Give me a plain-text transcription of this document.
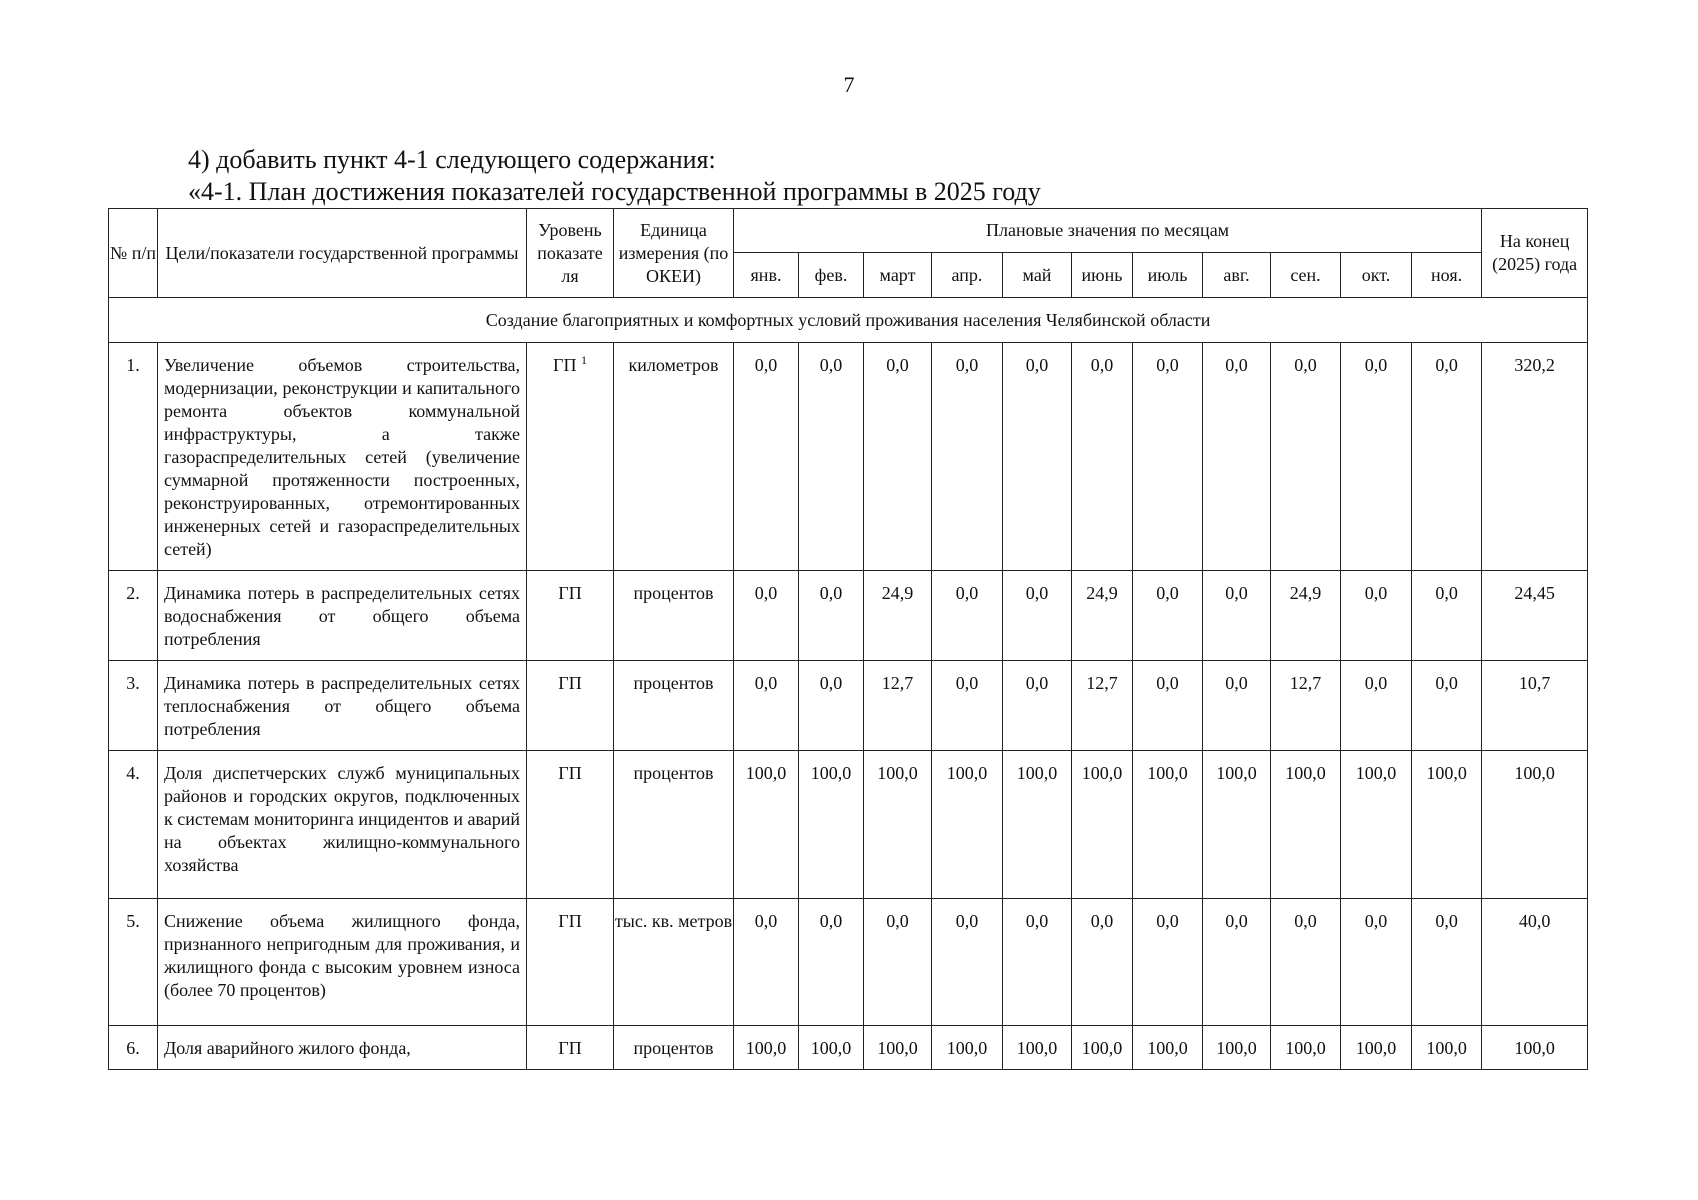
7
4) добавить пункт 4-1 следующего содержания:
«4-1. План достижения показателей государственной программы в 2025 году
№ п/п	Цели/показатели государственной программы	Уровень показате ля	Единица измерения (по ОКЕИ)	Плановые значения по месяцам											На конец (2025) года
				янв.	фев.	март	апр.	май	июнь	июль	авг.	сен.	окт.	ноя.	
Создание благоприятных и комфортных условий проживания населения Челябинской области															
1.	Увеличение объемов строительства, модернизации, реконструкции и капитального ремонта объектов коммунальной инфраструктуры, а также газораспределительных сетей (увеличение суммарной протяженности построенных, реконструированных, отремонтированных инженерных сетей и газораспределительных сетей)	ГП $^1$	километров	0,0	0,0	0,0	0,0	0,0	0,0	0,0	0,0	0,0	0,0	0,0	320,2
2.	Динамика потерь в распределительных сетях водоснабжения от общего объема потребления	ГП	процентов	0,0	0,0	24,9	0,0	0,0	24,9	0,0	0,0	24,9	0,0	0,0	24,45
3.	Динамика потерь в распределительных сетях теплоснабжения от общего объема потребления	ГП	процентов	0,0	0,0	12,7	0,0	0,0	12,7	0,0	0,0	12,7	0,0	0,0	10,7
4.	Доля диспетчерских служб муниципальных районов и городских округов, подключенных к системам мониторинга инцидентов и аварий на объектах жилищно-коммунального хозяйства	ГП	процентов	100,0	100,0	100,0	100,0	100,0	100,0	100,0	100,0	100,0	100,0	100,0	100,0
5.	Снижение объема жилищного фонда, признанного непригодным для проживания, и жилищного фонда с высоким уровнем износа (более 70 процентов)	ГП	тыс. кв. метров	0,0	0,0	0,0	0,0	0,0	0,0	0,0	0,0	0,0	0,0	0,0	40,0
6.	Доля аварийного жилого фонда,	ГП	процентов	100,0	100,0	100,0	100,0	100,0	100,0	100,0	100,0	100,0	100,0	100,0	100,0
